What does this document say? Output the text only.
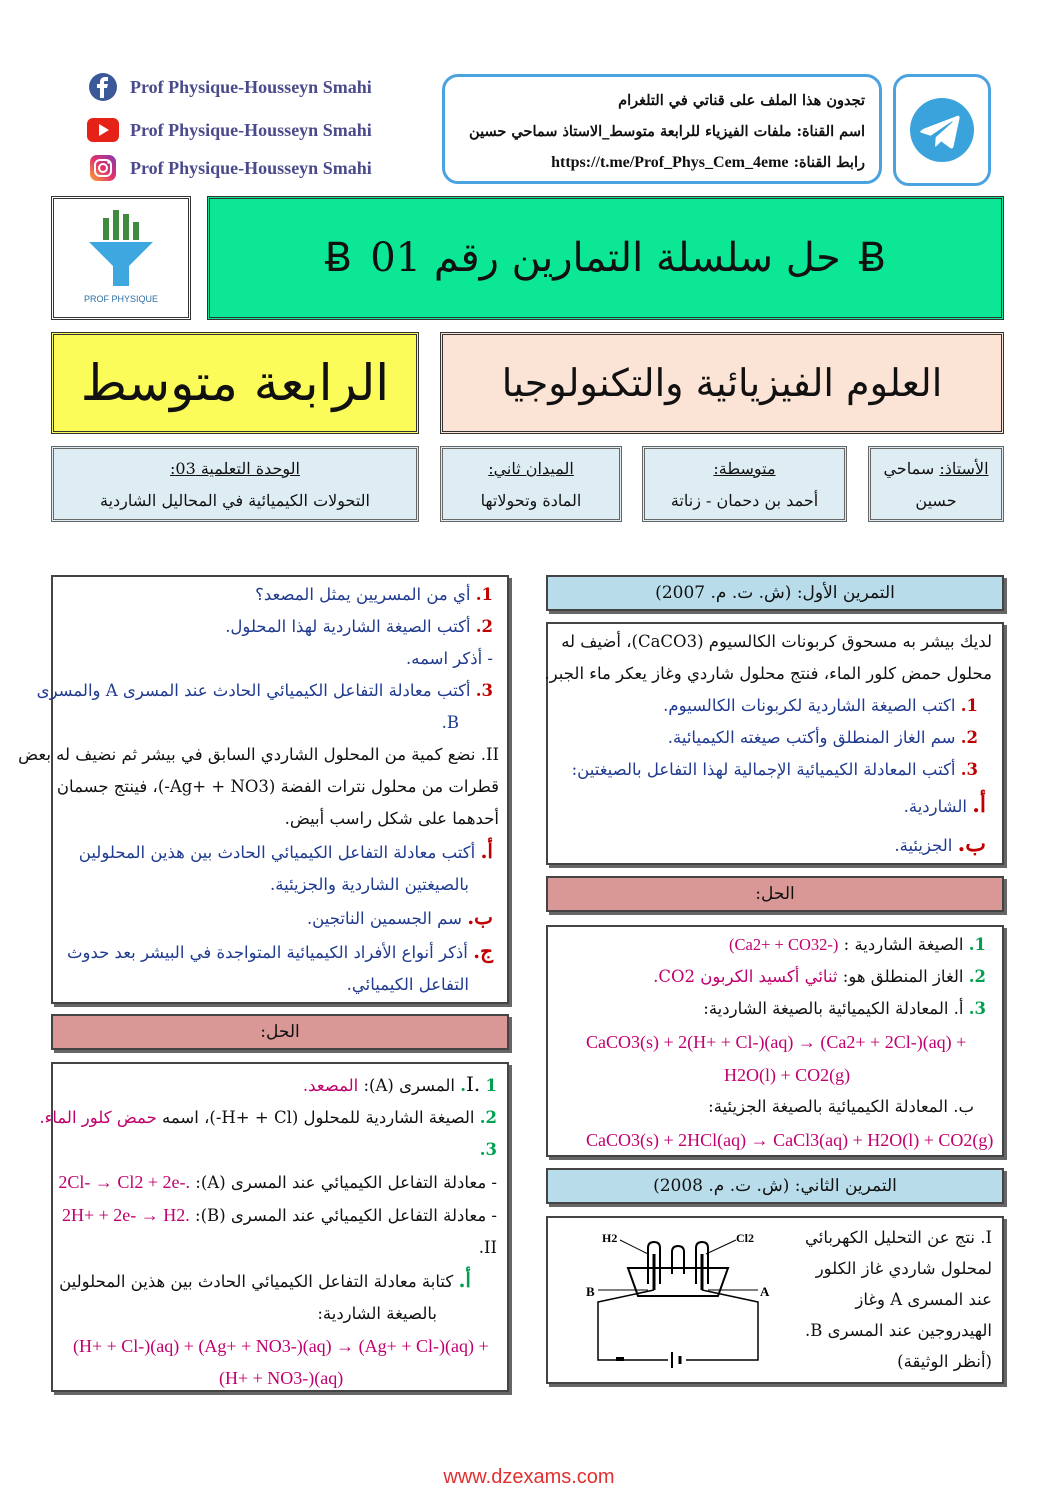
Prof Physique-Housseyn Smahi
Prof Physique-Housseyn Smahi
Prof Physique-Housseyn Smahi
تجدون هذا الملف على قناتي في التلغرام
اسم القناة: ملفات الفيزياء للرابعة متوسط_الاستاذ سماحي حسين
رابط القناة: https://t.me/Prof_Phys_Cem_4eme
PROF PHYSIQUE
Ƀ
حل سلسلة التمارين رقم 01
Ƀ
الرابعة متوسط	العلوم الفيزيائية والتكنولوجيا
الأستاذ: سماحي
حسين
متوسطة:
أحمد بن دحمان - زناتة
الميدان ثاني:
المادة وتحولاتها
الوحدة التعلمية 03:
التحولات الكيميائية في المحاليل الشاردية
التمرين الأول: (ش. ت. م. 2007)
لديك بيشر به مسحوق كربونات الكالسيوم (CaCO3)، أضيف له
محلول حمض كلور الماء، فنتج محلول شاردي وغاز يعكر ماء الجبر.
1. اكتب الصيغة الشاردية لكربونات الكالسيوم.
2. سم الغاز المنطلق وأكتب صيغته الكيميائية.
3. أكتب المعادلة الكيميائية الإجمالية لهذا التفاعل بالصيغتين:
أ. الشاردية.
ب. الجزيئية.
الحل:
1. الصيغة الشاردية : (Ca2+ + CO32-)
2. الغاز المنطلق هو: ثنائي أكسيد الكربون CO2.
3. أ. المعادلة الكيميائية بالصيغة الشاردية:
CaCO3(s) + 2(H+ + Cl-)(aq) → (Ca2+ + 2Cl-)(aq) +
H2O(l) + CO2(g)
ب. المعادلة الكيميائية بالصيغة الجزيئية:
CaCO3(s) + 2HCl(aq) → CaCl3(aq) + H2O(l) + CO2(g)
التمرين الثاني: (ش. ت. م. 2008)
I. نتج عن التحليل الكهربائي
لمحلول شاردي غاز الكلور
عند المسرى A وغاز
الهيدروجين عند المسرى B.
(أنظر الوثيقة)
H2	Cl2
B	A
1. أي من المسريين يمثل المصعد؟
2. أكتب الصيغة الشاردية لهذا المحلول.
- أذكر اسمه.
3. أكتب معادلة التفاعل الكيميائي الحادث عند المسرى A والمسرى
B.
II. نضع كمية من المحلول الشاردي السابق في بيشر ثم نضيف له بعض
قطرات من محلول نترات الفضة (Ag+ + NO3-)، فينتج جسمان
أحدهما على شكل راسب أبيض.
أ. أكتب معادلة التفاعل الكيميائي الحادث بين هذين المحلولين
بالصيغتين الشاردية والجزيئية.
ب. سم الجسمين الناتجين.
ج. أذكر أنواع الأفراد الكيميائية المتواجدة في البيشر بعد حدوث
التفاعل الكيميائي.
الحل:
I. 1. المسرى (A): المصعد.
2. الصيغة الشاردية للمحلول (H+ + Cl-)، اسمه حمض كلور الماء.
3.
- معادلة التفاعل الكيميائي عند المسرى (A): 2Cl- → Cl2 + 2e-.
- معادلة التفاعل الكيميائي عند المسرى (B): 2H+ + 2e- → H2.
II.
أ. كتابة معادلة التفاعل الكيميائي الحادث بين هذين المحلولين
بالصيغة الشاردية:
(H+ + Cl-)(aq) + (Ag+ + NO3-)(aq) → (Ag+ + Cl-)(aq) +
(H+ + NO3-)(aq)
www.dzexams.com
